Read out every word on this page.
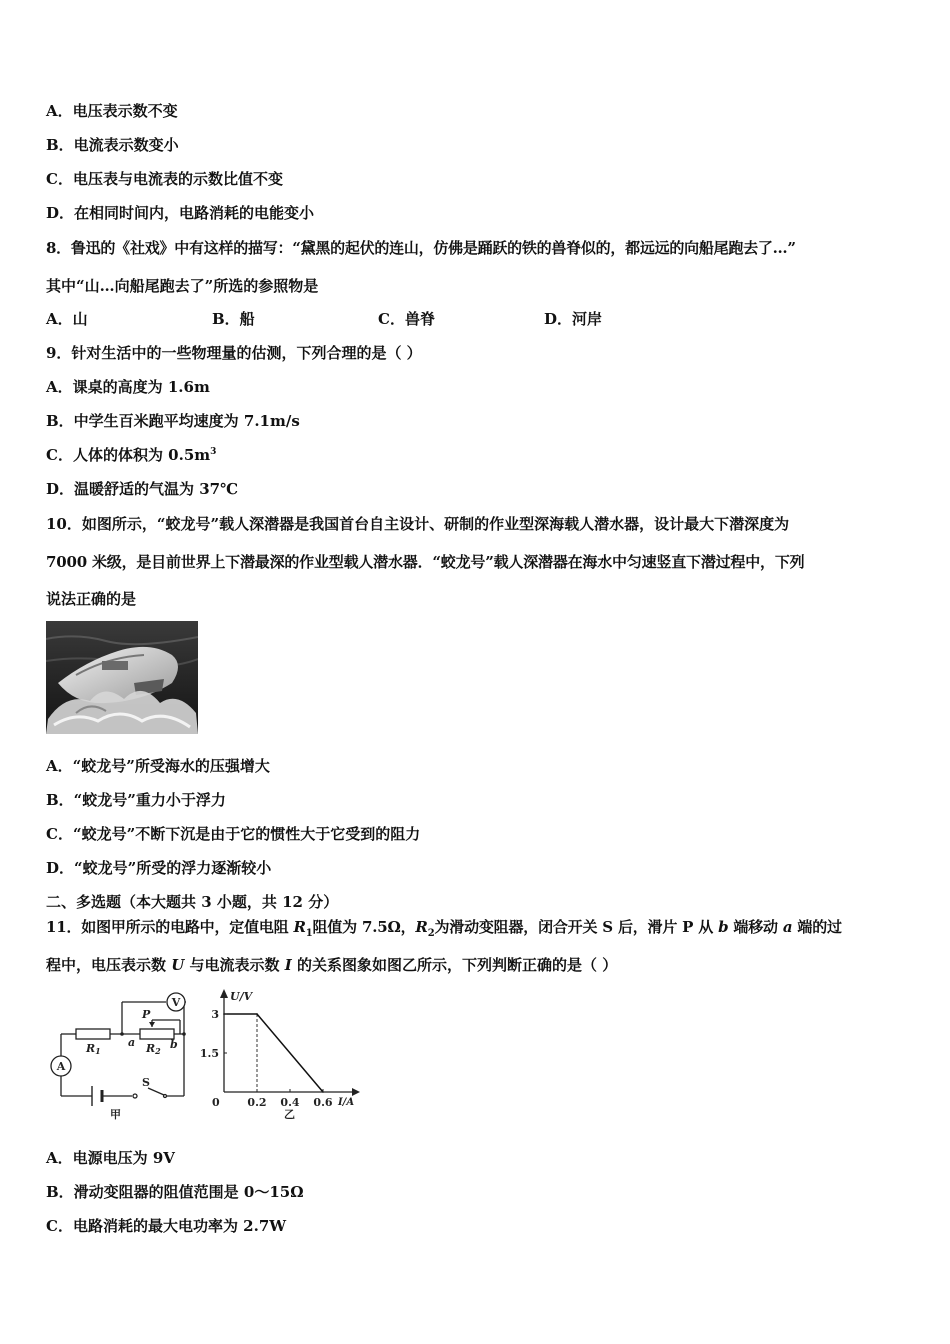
A．电压表示数不变
B．电流表示数变小
C．电压表与电流表的示数比值不变
D．在相同时间内，电路消耗的电能变小
8．鲁迅的《社戏》中有这样的描写：“黛黑的起伏的连山，仿佛是踊跃的铁的兽脊似的，都远远的向船尾跑去了…”
其中“山…向船尾跑去了”所选的参照物是
A．山	B．船	C．兽脊	D．河岸
9．针对生活中的一些物理量的估测，下列合理的是（ ）
A．课桌的高度为 1.6m
B．中学生百米跑平均速度为 7.1m/s
C．人体的体积为 $0.5m^3$
D．温暖舒适的气温为 37℃
10．如图所示，“蛟龙号”载人深潜器是我国首台自主设计、研制的作业型深海载人潜水器，设计最大下潜深度为
7000 米级，是目前世界上下潜最深的作业型载人潜水器．“蛟龙号”载人深潜器在海水中匀速竖直下潜过程中，下列
说法正确的是
A．“蛟龙号”所受海水的压强增大
B．“蛟龙号”重力小于浮力
C．“蛟龙号”不断下沉是由于它的惯性大于它受到的阻力
D．“蛟龙号”所受的浮力逐渐较小
二、多选题（本大题共 3 小题，共 12 分）
11．如图甲所示的电路中，定值电阻 $R_1$阻值为 7.5Ω，$R_2$为滑动变阻器，闭合开关 S 后，滑片 P 从 b 端移动 a 端的过
程中，电压表示数 U 与电流表示数 I 的关系图象如图乙所示，下列判断正确的是（ ）
V
A
R1	R2
P
a	b
S
甲
0.2 0.4 0.6
1.5
3
U/V
I/A
0
乙
A．电源电压为 9V
B．滑动变阻器的阻值范围是 0～15Ω
C．电路消耗的最大电功率为 2.7W
